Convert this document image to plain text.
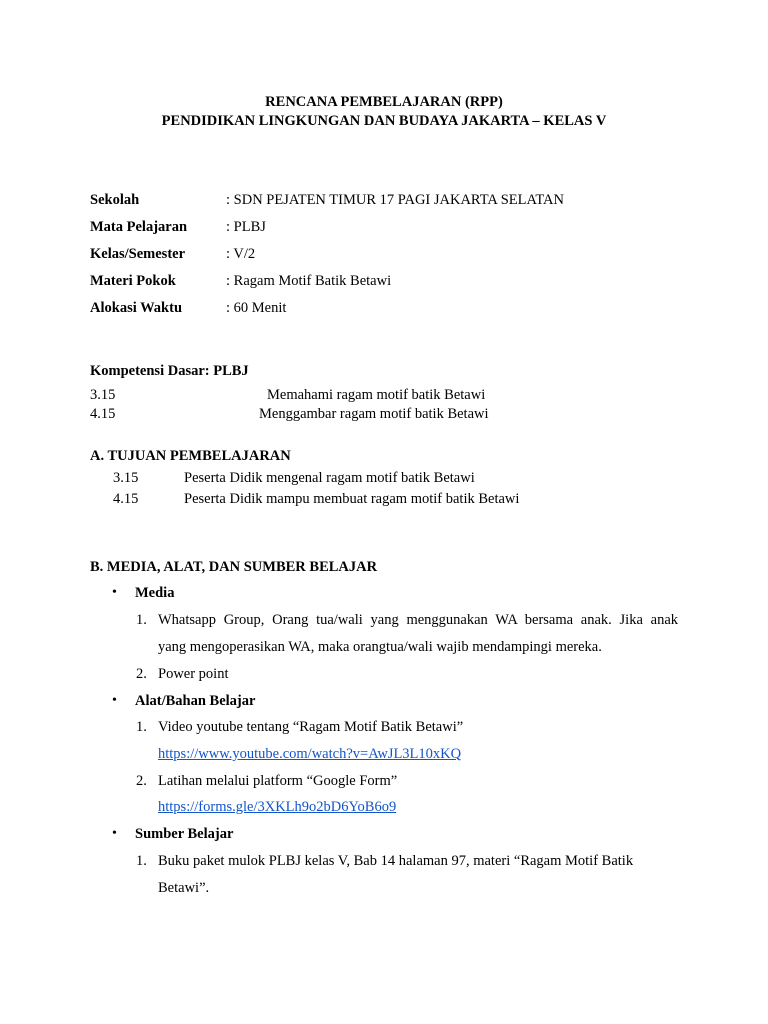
RENCANA PEMBELAJARAN (RPP)
PENDIDIKAN LINGKUNGAN DAN BUDAYA JAKARTA – KELAS V
Sekolah	: SDN PEJATEN TIMUR 17 PAGI JAKARTA SELATAN
Mata Pelajaran	: PLBJ
Kelas/Semester	: V/2
Materi Pokok	: Ragam Motif Batik Betawi
Alokasi Waktu	: 60 Menit
Kompetensi Dasar: PLBJ
3.15	Memahami ragam motif batik Betawi
4.15	Menggambar ragam motif batik Betawi
A. TUJUAN PEMBELAJARAN
3.15	Peserta Didik mengenal ragam motif batik Betawi
4.15	Peserta Didik mampu membuat ragam motif batik Betawi
B. MEDIA, ALAT, DAN SUMBER BELAJAR
• Media
1. Whatsapp Group, Orang tua/wali yang menggunakan WA bersama anak. Jika anak
yang mengoperasikan WA, maka orangtua/wali wajib mendampingi mereka.
2. Power point
• Alat/Bahan Belajar
1. Video youtube tentang “Ragam Motif Batik Betawi”
https://www.youtube.com/watch?v=AwJL3L10xKQ
2. Latihan melalui platform “Google Form”
https://forms.gle/3XKLh9o2bD6YoB6o9
• Sumber Belajar
1. Buku paket mulok PLBJ kelas V, Bab 14 halaman 97, materi “Ragam Motif Batik
Betawi”.
